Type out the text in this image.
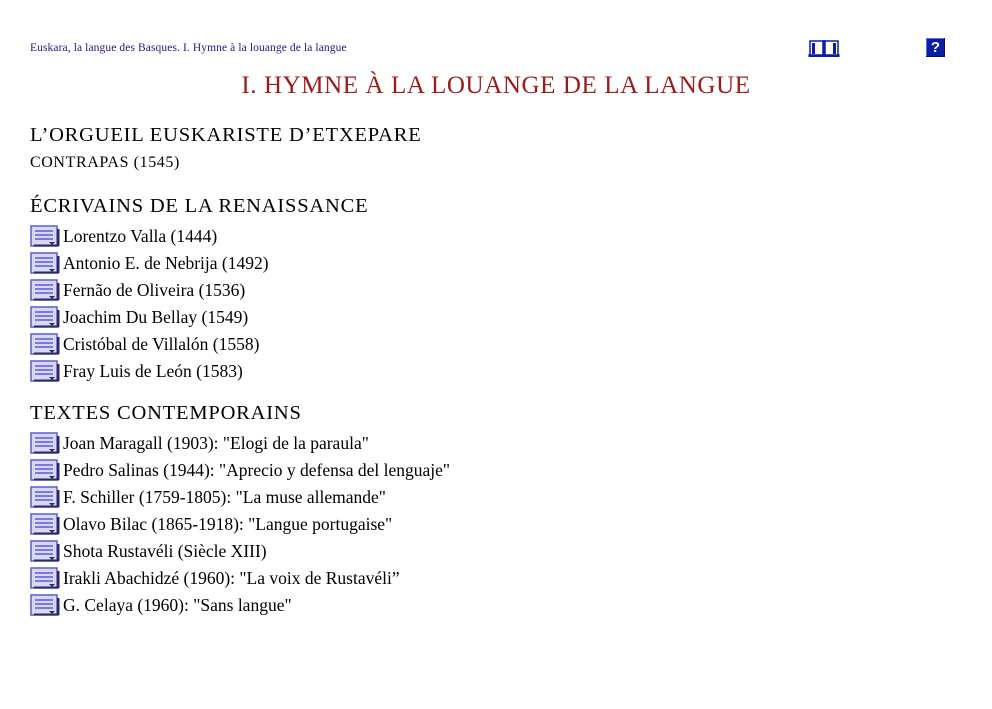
Euskara, la langue des Basques. I. Hymne à la louange de la langue	?
I. HYMNE À LA LOUANGE DE LA LANGUE
L’ORGUEIL EUSKARISTE D’ETXEPARE
CONTRAPAS (1545)
ÉCRIVAINS DE LA RENAISSANCE
Lorentzo Valla (1444)
Antonio E. de Nebrija (1492)
Fernão de Oliveira (1536)
Joachim Du Bellay (1549)
Cristóbal de Villalón (1558)
Fray Luis de León (1583)
TEXTES CONTEMPORAINS
Joan Maragall (1903): "Elogi de la paraula"
Pedro Salinas (1944): "Aprecio y defensa del lenguaje"
F. Schiller (1759-1805): "La muse allemande"
Olavo Bilac (1865-1918): "Langue portugaise"
Shota Rustavéli (Siècle XIII)
Irakli Abachidzé (1960): "La voix de Rustavéli”
G. Celaya (1960): "Sans langue"
